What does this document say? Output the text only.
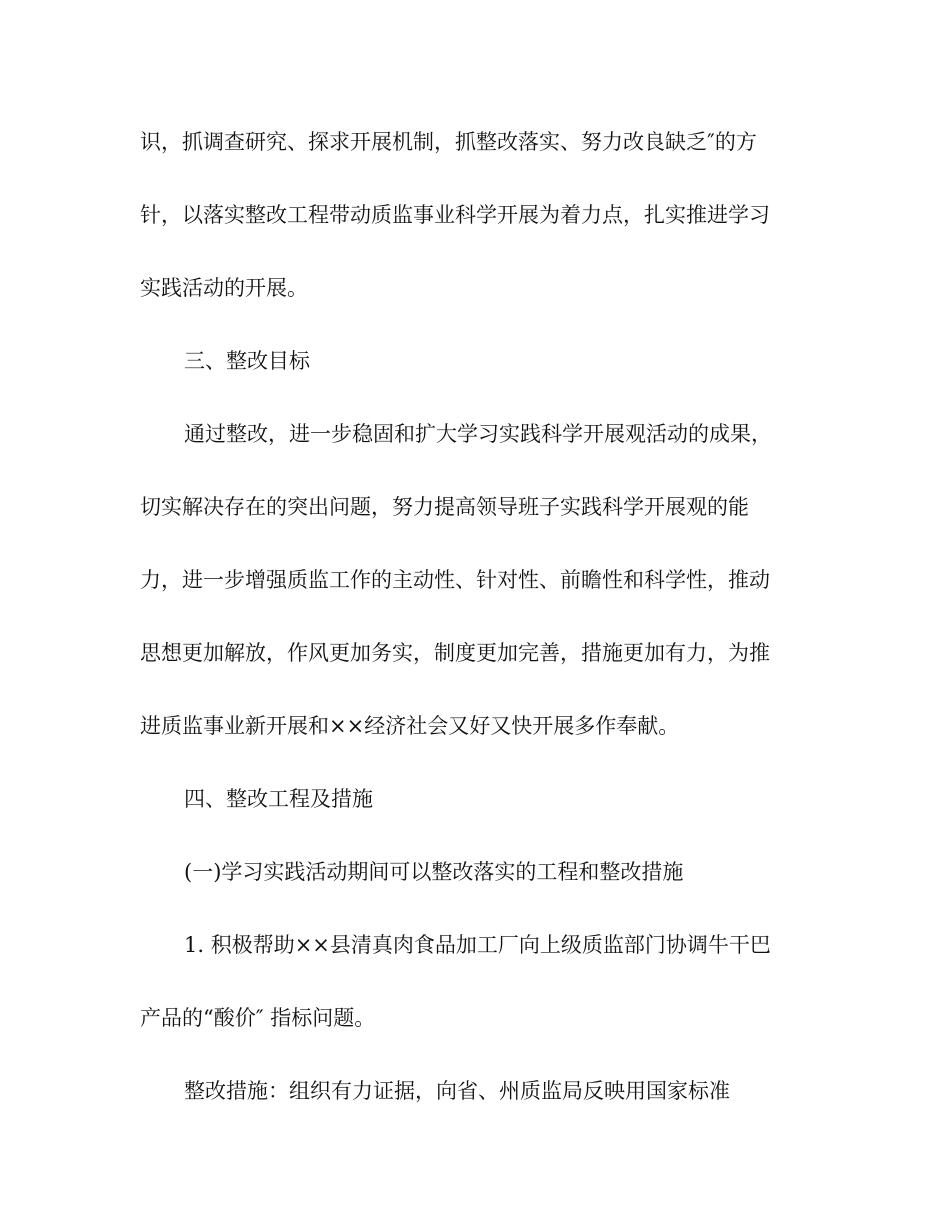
识，抓调查研究、探求开展机制，抓整改落实、努力改良缺乏″的方
针，以落实整改工程带动质监事业科学开展为着力点，扎实推进学习
实践活动的开展。
三、整改目标
通过整改，进一步稳固和扩大学习实践科学开展观活动的成果，
切实解决存在的突出问题，努力提高领导班子实践科学开展观的能
力，进一步增强质监工作的主动性、针对性、前瞻性和科学性，推动
思想更加解放，作风更加务实，制度更加完善，措施更加有力，为推
进质监事业新开展和××经济社会又好又快开展多作奉献。
四、整改工程及措施
(一)学习实践活动期间可以整改落实的工程和整改措施
1. 积极帮助××县清真肉食品加工厂向上级质监部门协调牛干巴
产品的“酸价″ 指标问题。
整改措施：组织有力证据，向省、州质监局反映用国家标准
